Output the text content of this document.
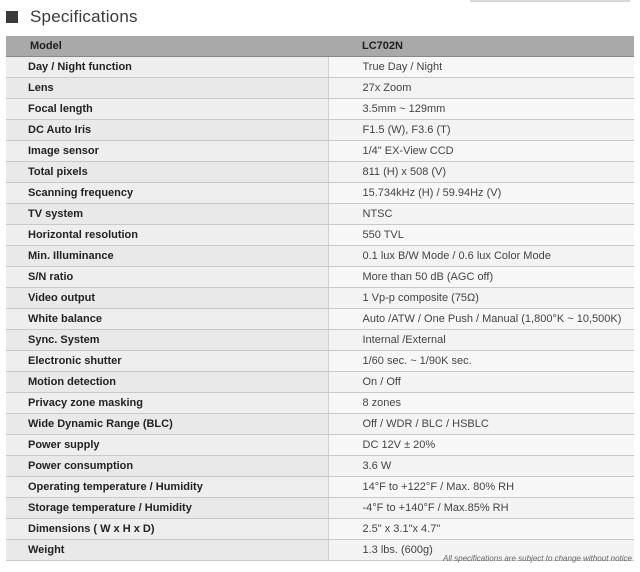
Specifications
Model	LC702N
Day / Night function	True Day / Night
Lens	27x Zoom
Focal length	3.5mm ~ 129mm
DC Auto Iris	F1.5 (W), F3.6 (T)
Image sensor	1/4" EX-View CCD
Total pixels	811 (H) x 508 (V)
Scanning frequency	15.734kHz (H) / 59.94Hz (V)
TV system	NTSC
Horizontal resolution	550 TVL
Min. Illuminance	0.1 lux B/W Mode / 0.6 lux Color Mode
S/N ratio	More than 50 dB (AGC off)
Video output	1 Vp-p composite (75Ω)
White balance	Auto /ATW / One Push / Manual (1,800°K ~ 10,500K)
Sync. System	Internal /External
Electronic shutter	1/60 sec. ~ 1/90K sec.
Motion detection	On / Off
Privacy zone masking	8 zones
Wide Dynamic Range (BLC)	Off / WDR / BLC / HSBLC
Power supply	DC 12V ± 20%
Power consumption	3.6 W
Operating temperature / Humidity	14°F to +122°F / Max. 80% RH
Storage temperature / Humidity	-4°F to +140°F / Max.85% RH
Dimensions ( W x H x D)	2.5" x 3.1"x 4.7"
Weight	1.3 lbs. (600g)
All specifications are subject to change without notice
